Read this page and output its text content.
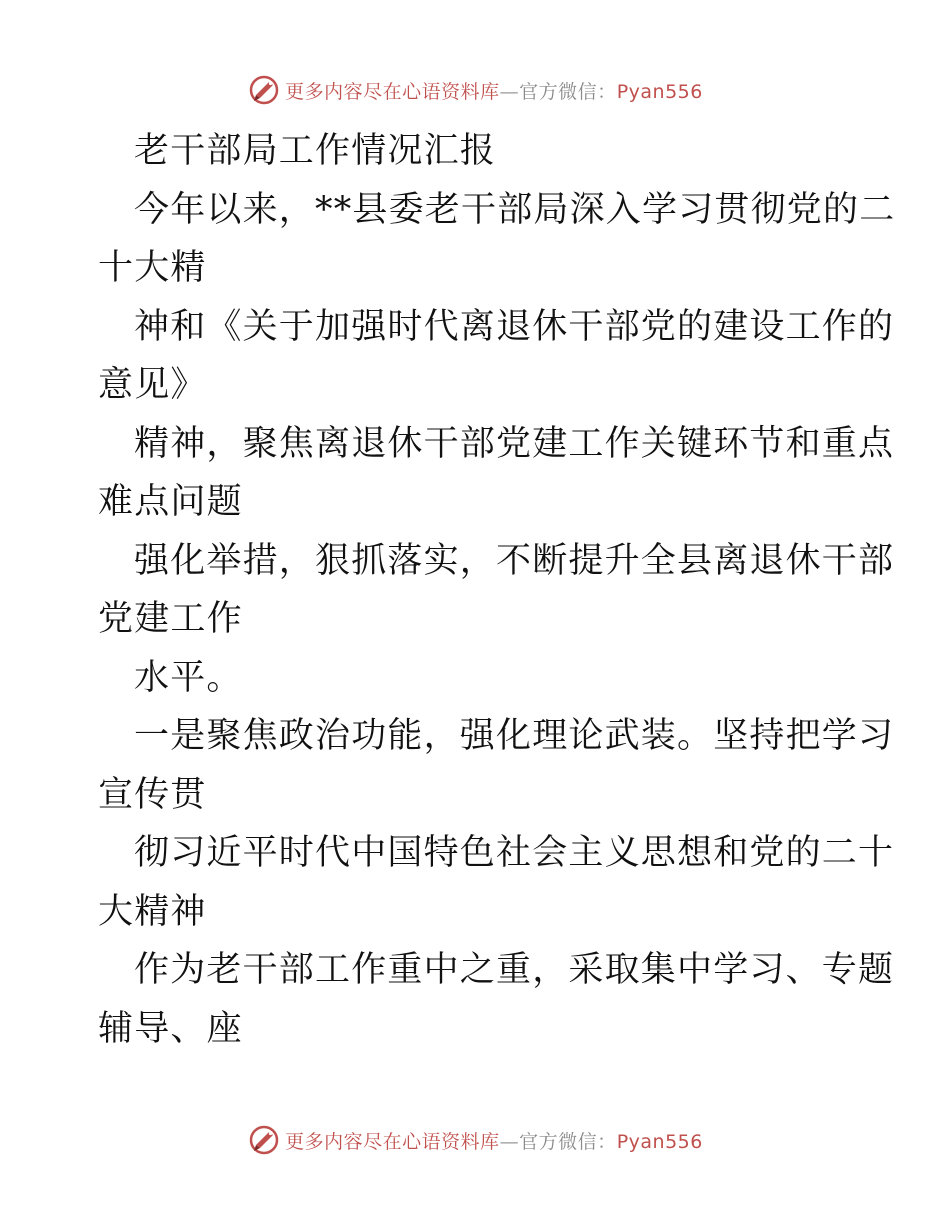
更多内容尽在心语资料库—官方微信：Pyan556
老干部局工作情况汇报
今年以来，**县委老干部局深入学习贯彻党的二
十大精
神和《关于加强时代离退休干部党的建设工作的
意见》
精神，聚焦离退休干部党建工作关键环节和重点
难点问题
强化举措，狠抓落实，不断提升全县离退休干部
党建工作
水平。
一是聚焦政治功能，强化理论武装。坚持把学习
宣传贯
彻习近平时代中国特色社会主义思想和党的二十
大精神
作为老干部工作重中之重，采取集中学习、专题
辅导、座
更多内容尽在心语资料库—官方微信：Pyan556
